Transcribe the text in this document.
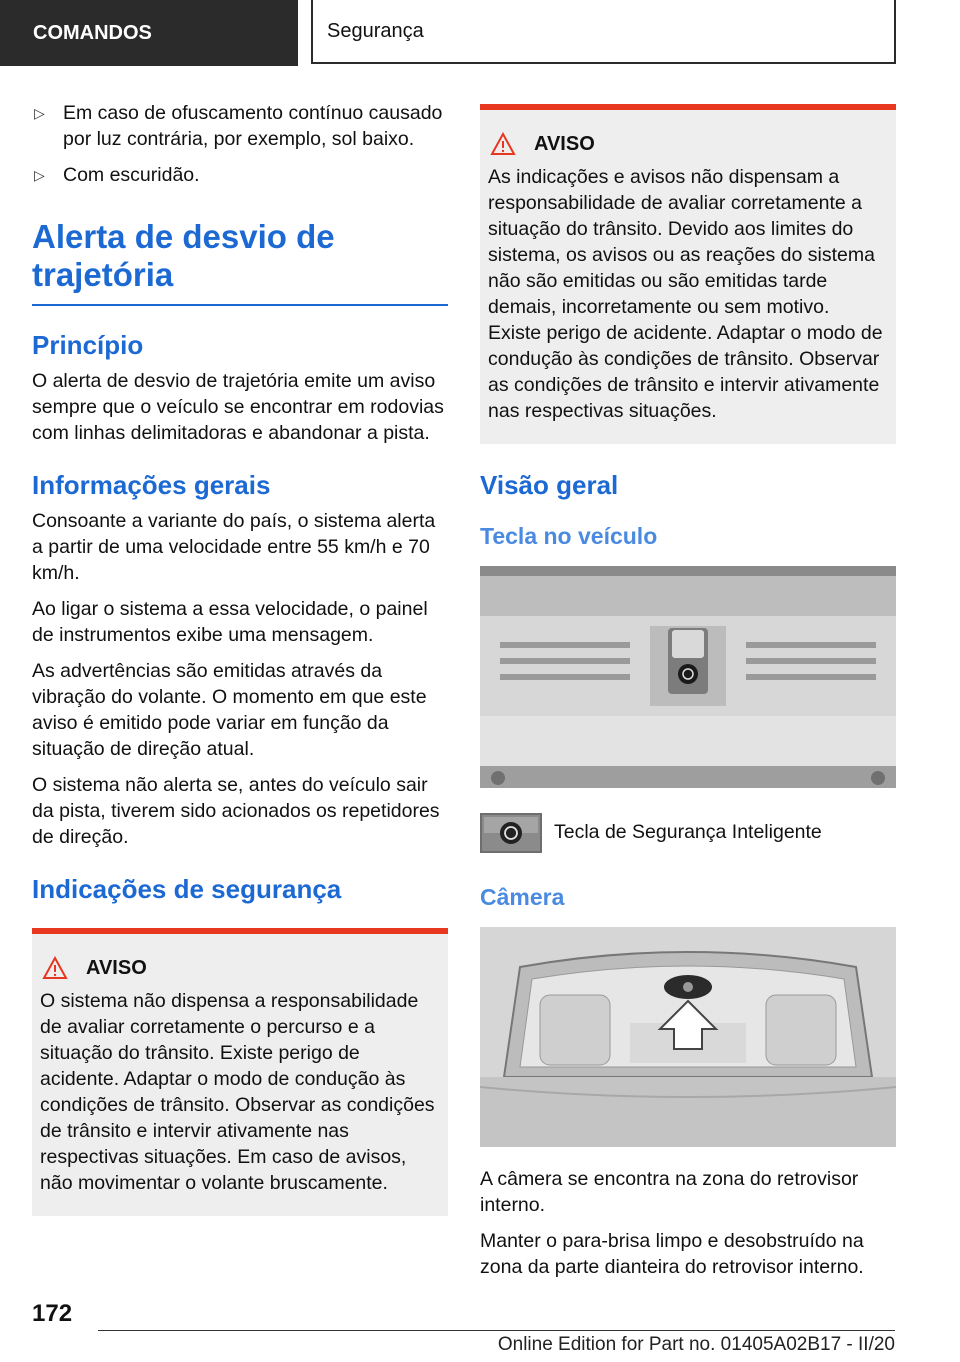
COMANDOS	Segurança
▷ Em caso de ofuscamento contínuo causado por luz contrária, por exemplo, sol baixo.
▷ Com escuridão.
Alerta de desvio de trajetória
Princípio

O alerta de desvio de trajetória emite um aviso sempre que o veículo se encontrar em rodovias com linhas delimitadoras e abandonar a pista.

Informações gerais

Consoante a variante do país, o sistema alerta a partir de uma velocidade entre 55 km/h e 70 km/h.

Ao ligar o sistema a essa velocidade, o painel de instrumentos exibe uma mensagem.

As advertências são emitidas através da vibração do volante. O momento em que este aviso é emitido pode variar em função da situação de direção atual.

O sistema não alerta se, antes do veículo sair da pista, tiverem sido acionados os repetidores de direção.

Indicações de segurança
AVISO

O sistema não dispensa a responsabilidade de avaliar corretamente o percurso e a situação do trânsito. Existe perigo de acidente. Adaptar o modo de condução às condições de trânsito. Observar as condições de trânsito e intervir ativamente nas respectivas situações. Em caso de avisos, não movimentar o volante bruscamente.

AVISO

As indicações e avisos não dispensam a responsabilidade de avaliar corretamente a situação do trânsito. Devido aos limites do sistema, os avisos ou as reações do sistema não são emitidas ou são emitidas tarde demais, incorretamente ou sem motivo. Existe perigo de acidente. Adaptar o modo de condução às condições de trânsito. Observar as condições de trânsito e intervir ativamente nas respectivas situações.

Visão geral
Tecla no veículo
Tecla de Segurança Inteligente
Câmera

A câmera se encontra na zona do retrovisor interno.

Manter o para-brisa limpo e desobstruído na zona da parte dianteira do retrovisor interno.

172
Online Edition for Part no. 01405A02B17 - II/20
